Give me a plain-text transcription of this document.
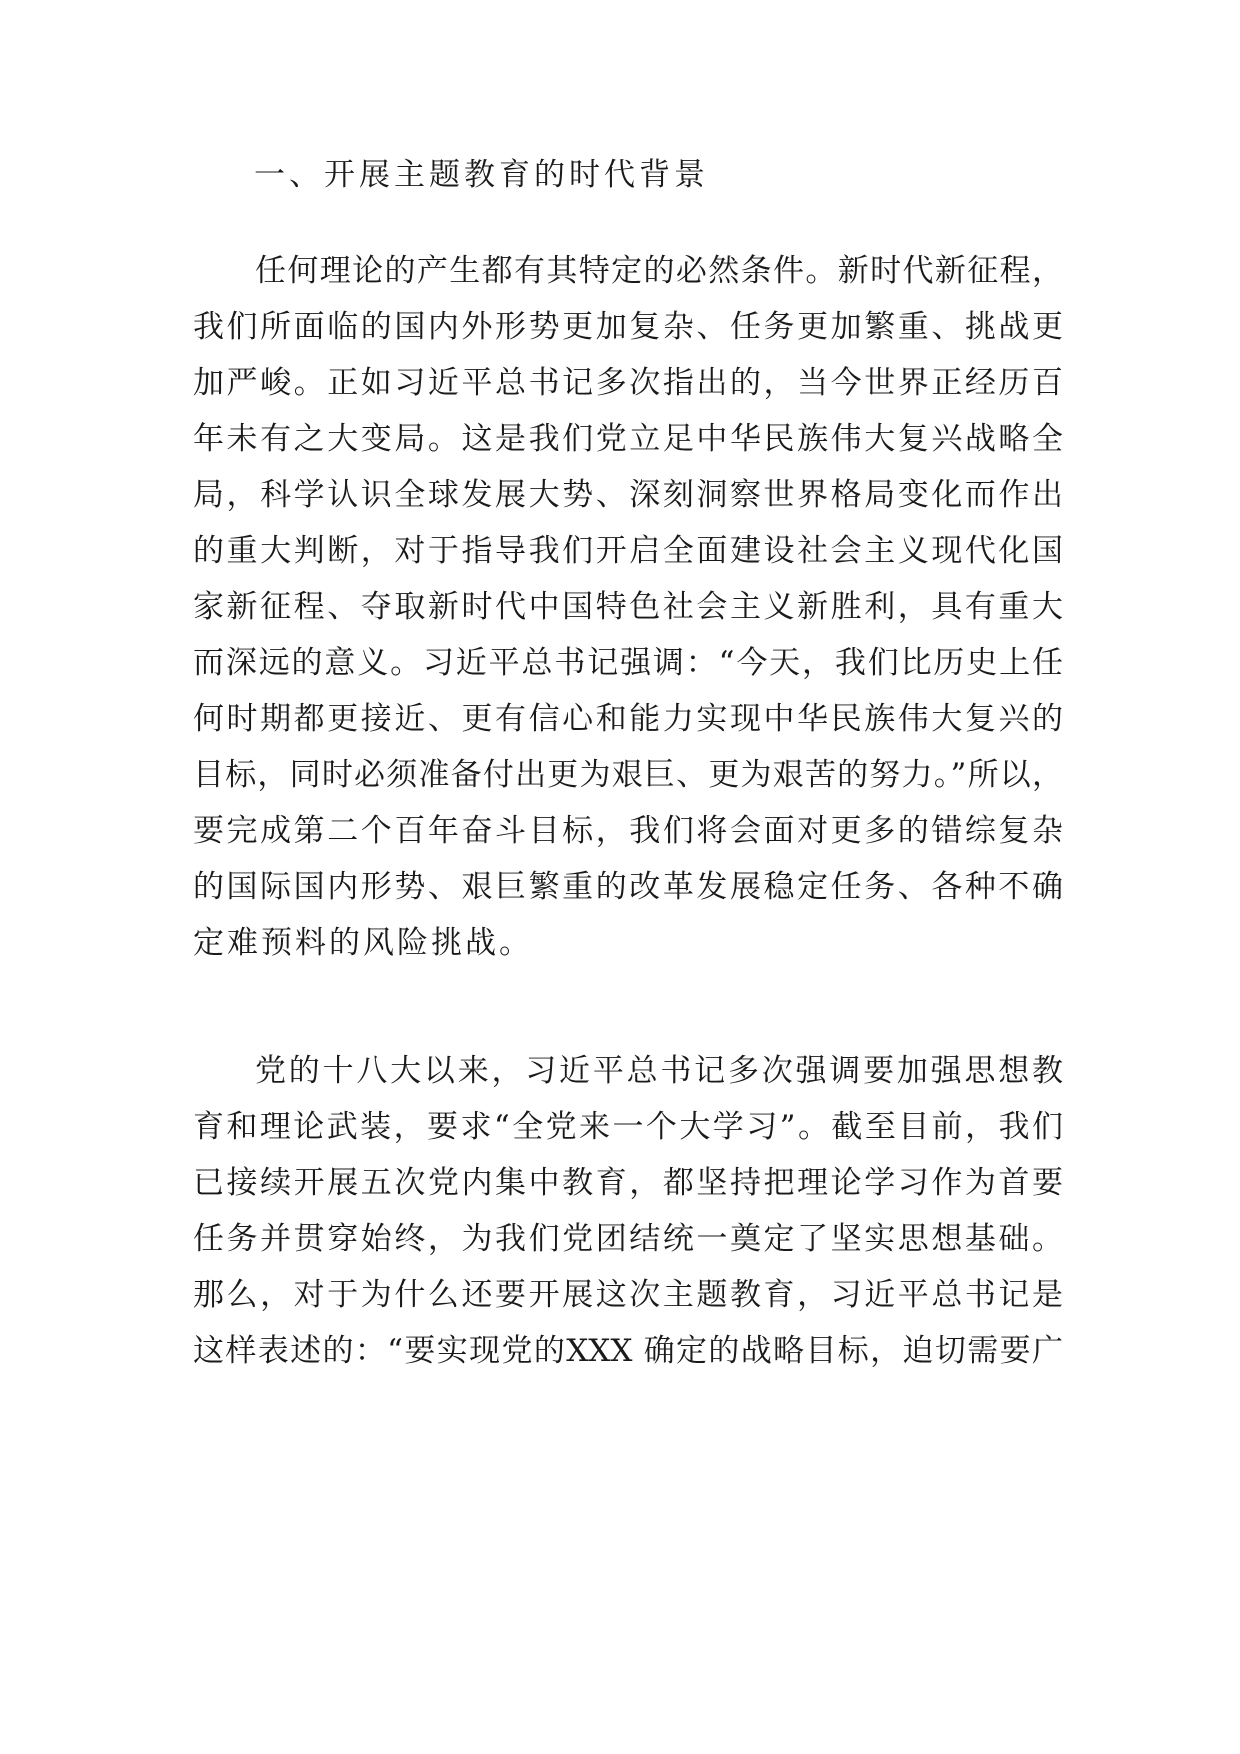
一、开展主题教育的时代背景
任何理论的产生都有其特定的必然条件。新时代新征程，
我们所面临的国内外形势更加复杂、任务更加繁重、挑战更
加严峻。正如习近平总书记多次指出的，当今世界正经历百
年未有之大变局。这是我们党立足中华民族伟大复兴战略全
局，科学认识全球发展大势、深刻洞察世界格局变化而作出
的重大判断，对于指导我们开启全面建设社会主义现代化国
家新征程、夺取新时代中国特色社会主义新胜利，具有重大
而深远的意义。习近平总书记强调：“今天，我们比历史上任
何时期都更接近、更有信心和能力实现中华民族伟大复兴的
目标，同时必须准备付出更为艰巨、更为艰苦的努力。”所以，
要完成第二个百年奋斗目标，我们将会面对更多的错综复杂
的国际国内形势、艰巨繁重的改革发展稳定任务、各种不确
定难预料的风险挑战。
党的十八大以来，习近平总书记多次强调要加强思想教
育和理论武装，要求“全党来一个大学习”。截至目前，我们
已接续开展五次党内集中教育，都坚持把理论学习作为首要
任务并贯穿始终，为我们党团结统一奠定了坚实思想基础。
那么，对于为什么还要开展这次主题教育，习近平总书记是
这样表述的：“要实现党的XXX 确定的战略目标，迫切需要广
